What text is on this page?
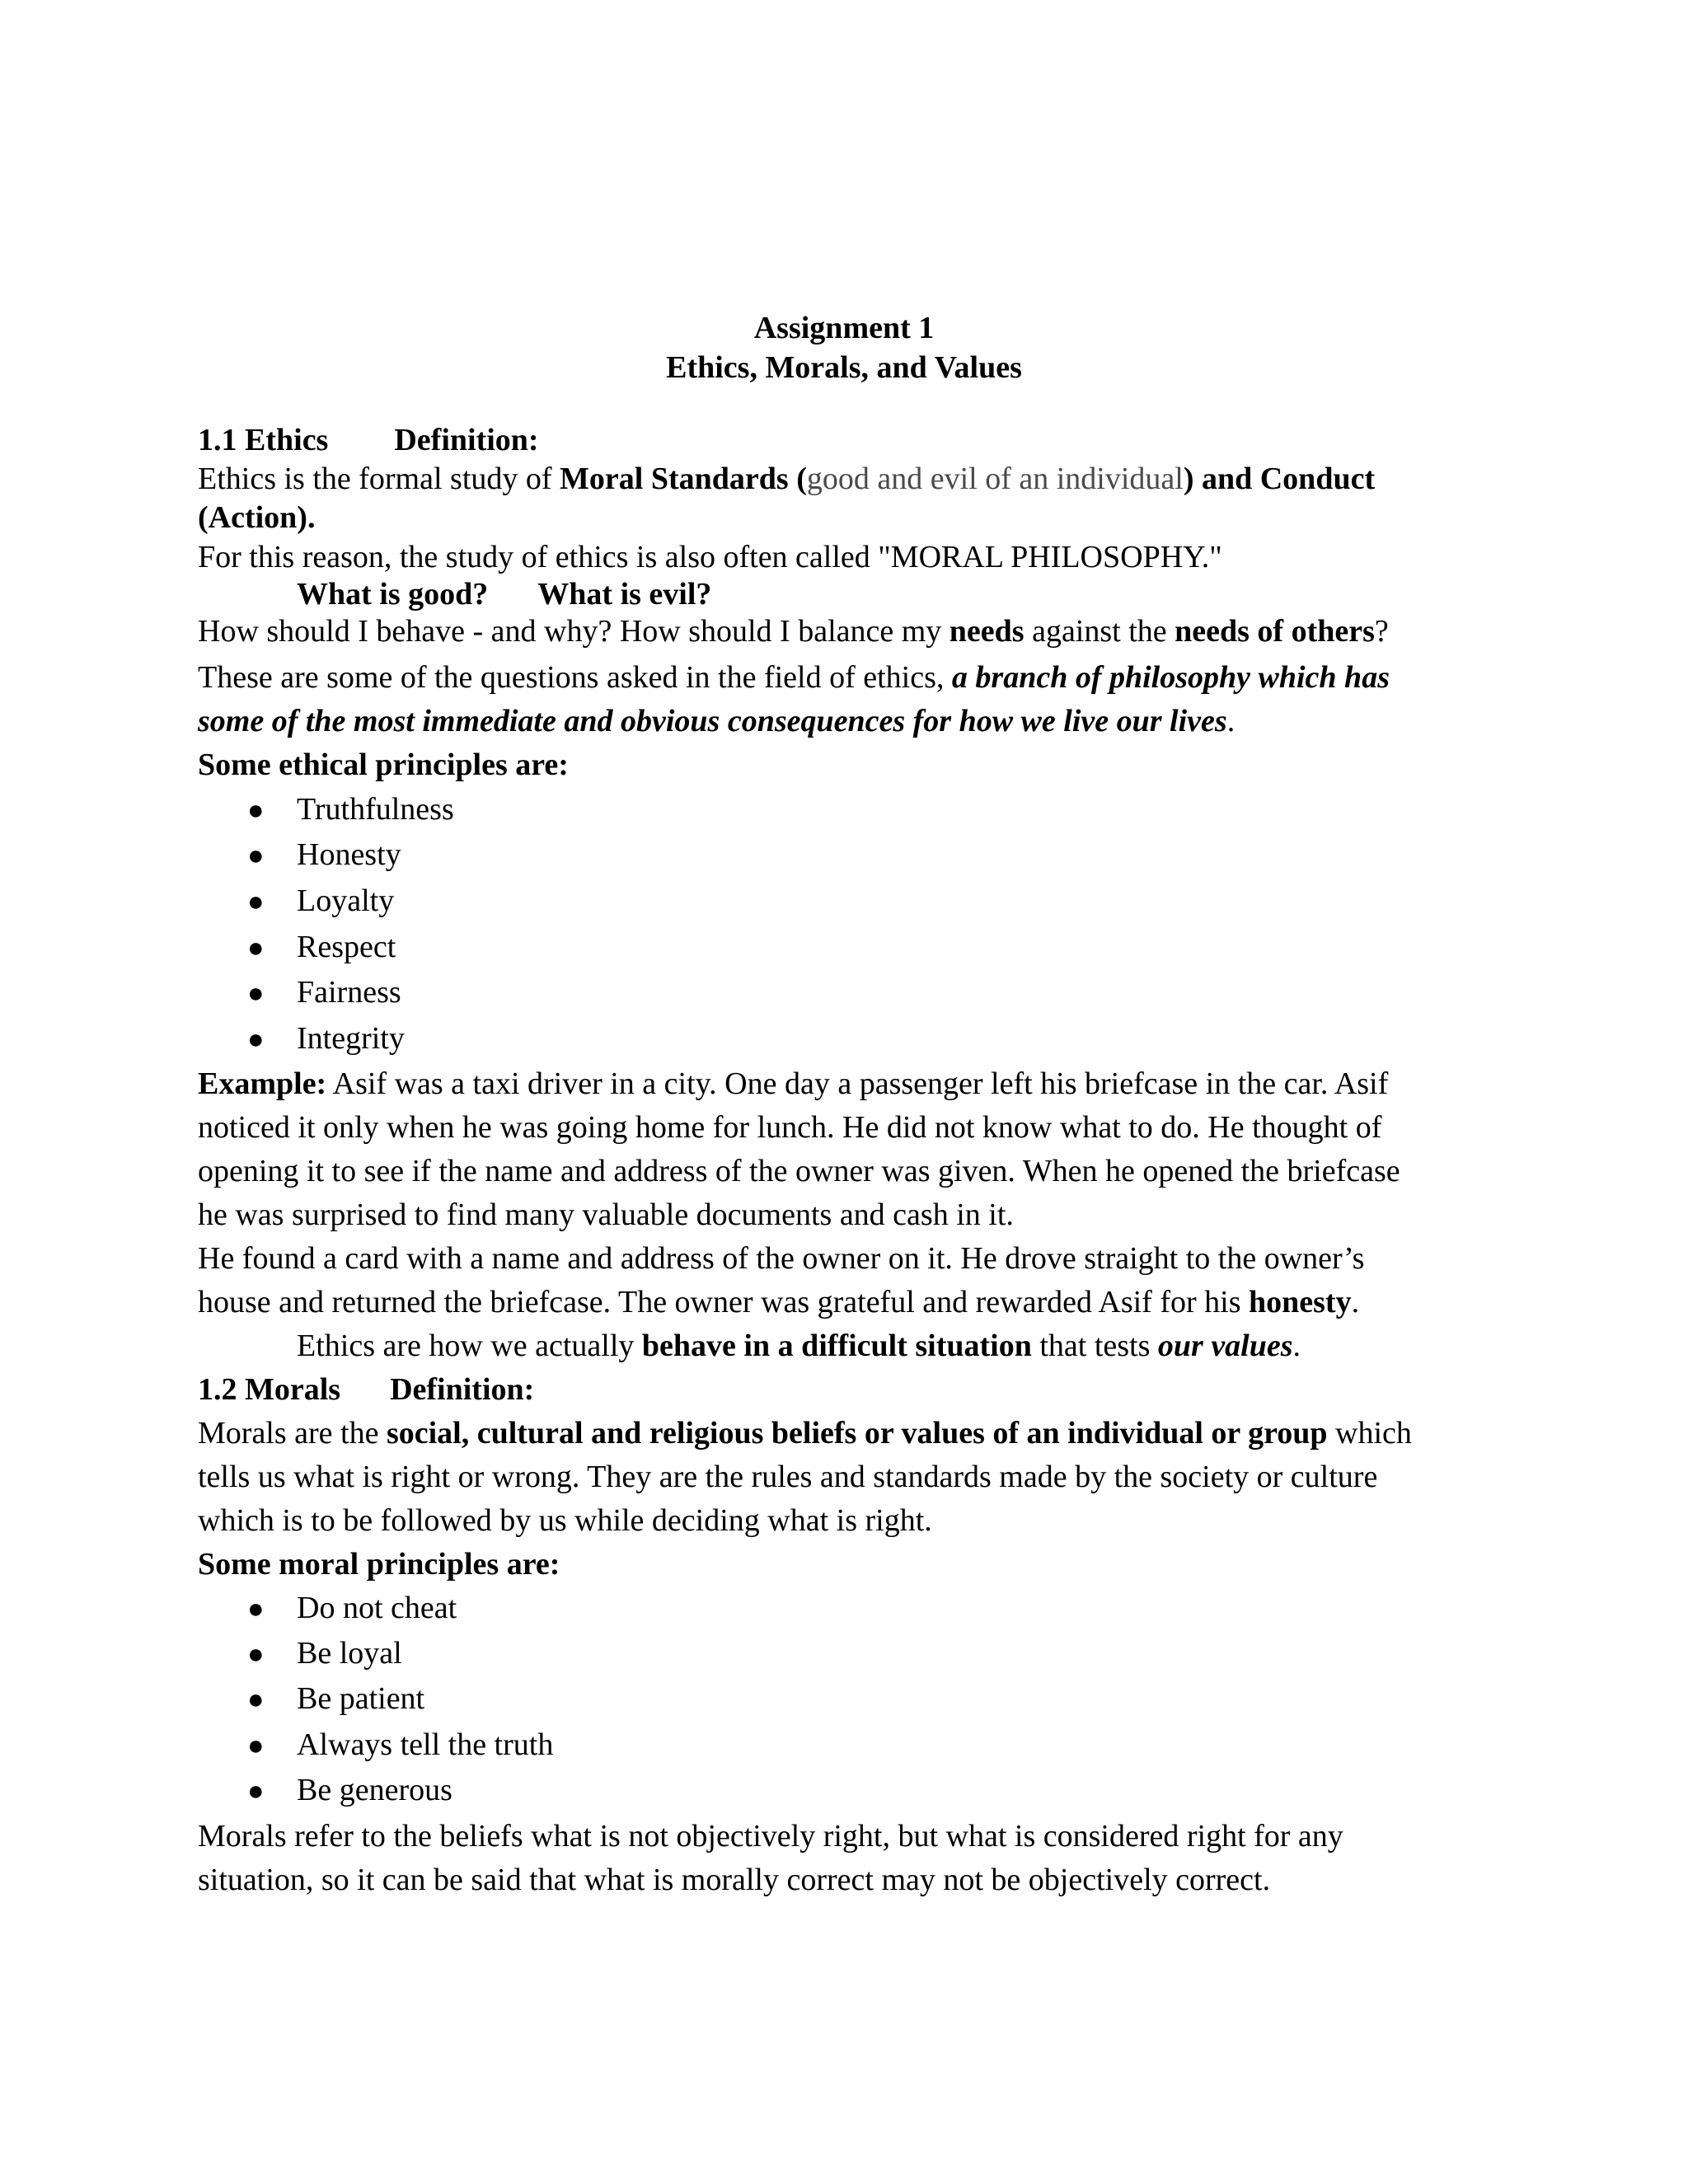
Assignment 1
Ethics, Morals, and Values
1.1 Ethics Definition:
Ethics is the formal study of Moral Standards (good and evil of an individual) and Conduct
(Action).
For this reason, the study of ethics is also often called "MORAL PHILOSOPHY."
What is good? What is evil?
How should I behave - and why? How should I balance my needs against the needs of others?
These are some of the questions asked in the field of ethics, a branch of philosophy which has
some of the most immediate and obvious consequences for how we live our lives.
Some ethical principles are:
● Truthfulness
● Honesty
● Loyalty
● Respect
● Fairness
● Integrity
Example: Asif was a taxi driver in a city. One day a passenger left his briefcase in the car. Asif
noticed it only when he was going home for lunch. He did not know what to do. He thought of
opening it to see if the name and address of the owner was given. When he opened the briefcase
he was surprised to find many valuable documents and cash in it.
He found a card with a name and address of the owner on it. He drove straight to the owner’s
house and returned the briefcase. The owner was grateful and rewarded Asif for his honesty.
Ethics are how we actually behave in a difficult situation that tests our values.
1.2 Morals Definition:
Morals are the social, cultural and religious beliefs or values of an individual or group which
tells us what is right or wrong. They are the rules and standards made by the society or culture
which is to be followed by us while deciding what is right.
Some moral principles are:
● Do not cheat
● Be loyal
● Be patient
● Always tell the truth
● Be generous
Morals refer to the beliefs what is not objectively right, but what is considered right for any
situation, so it can be said that what is morally correct may not be objectively correct.
